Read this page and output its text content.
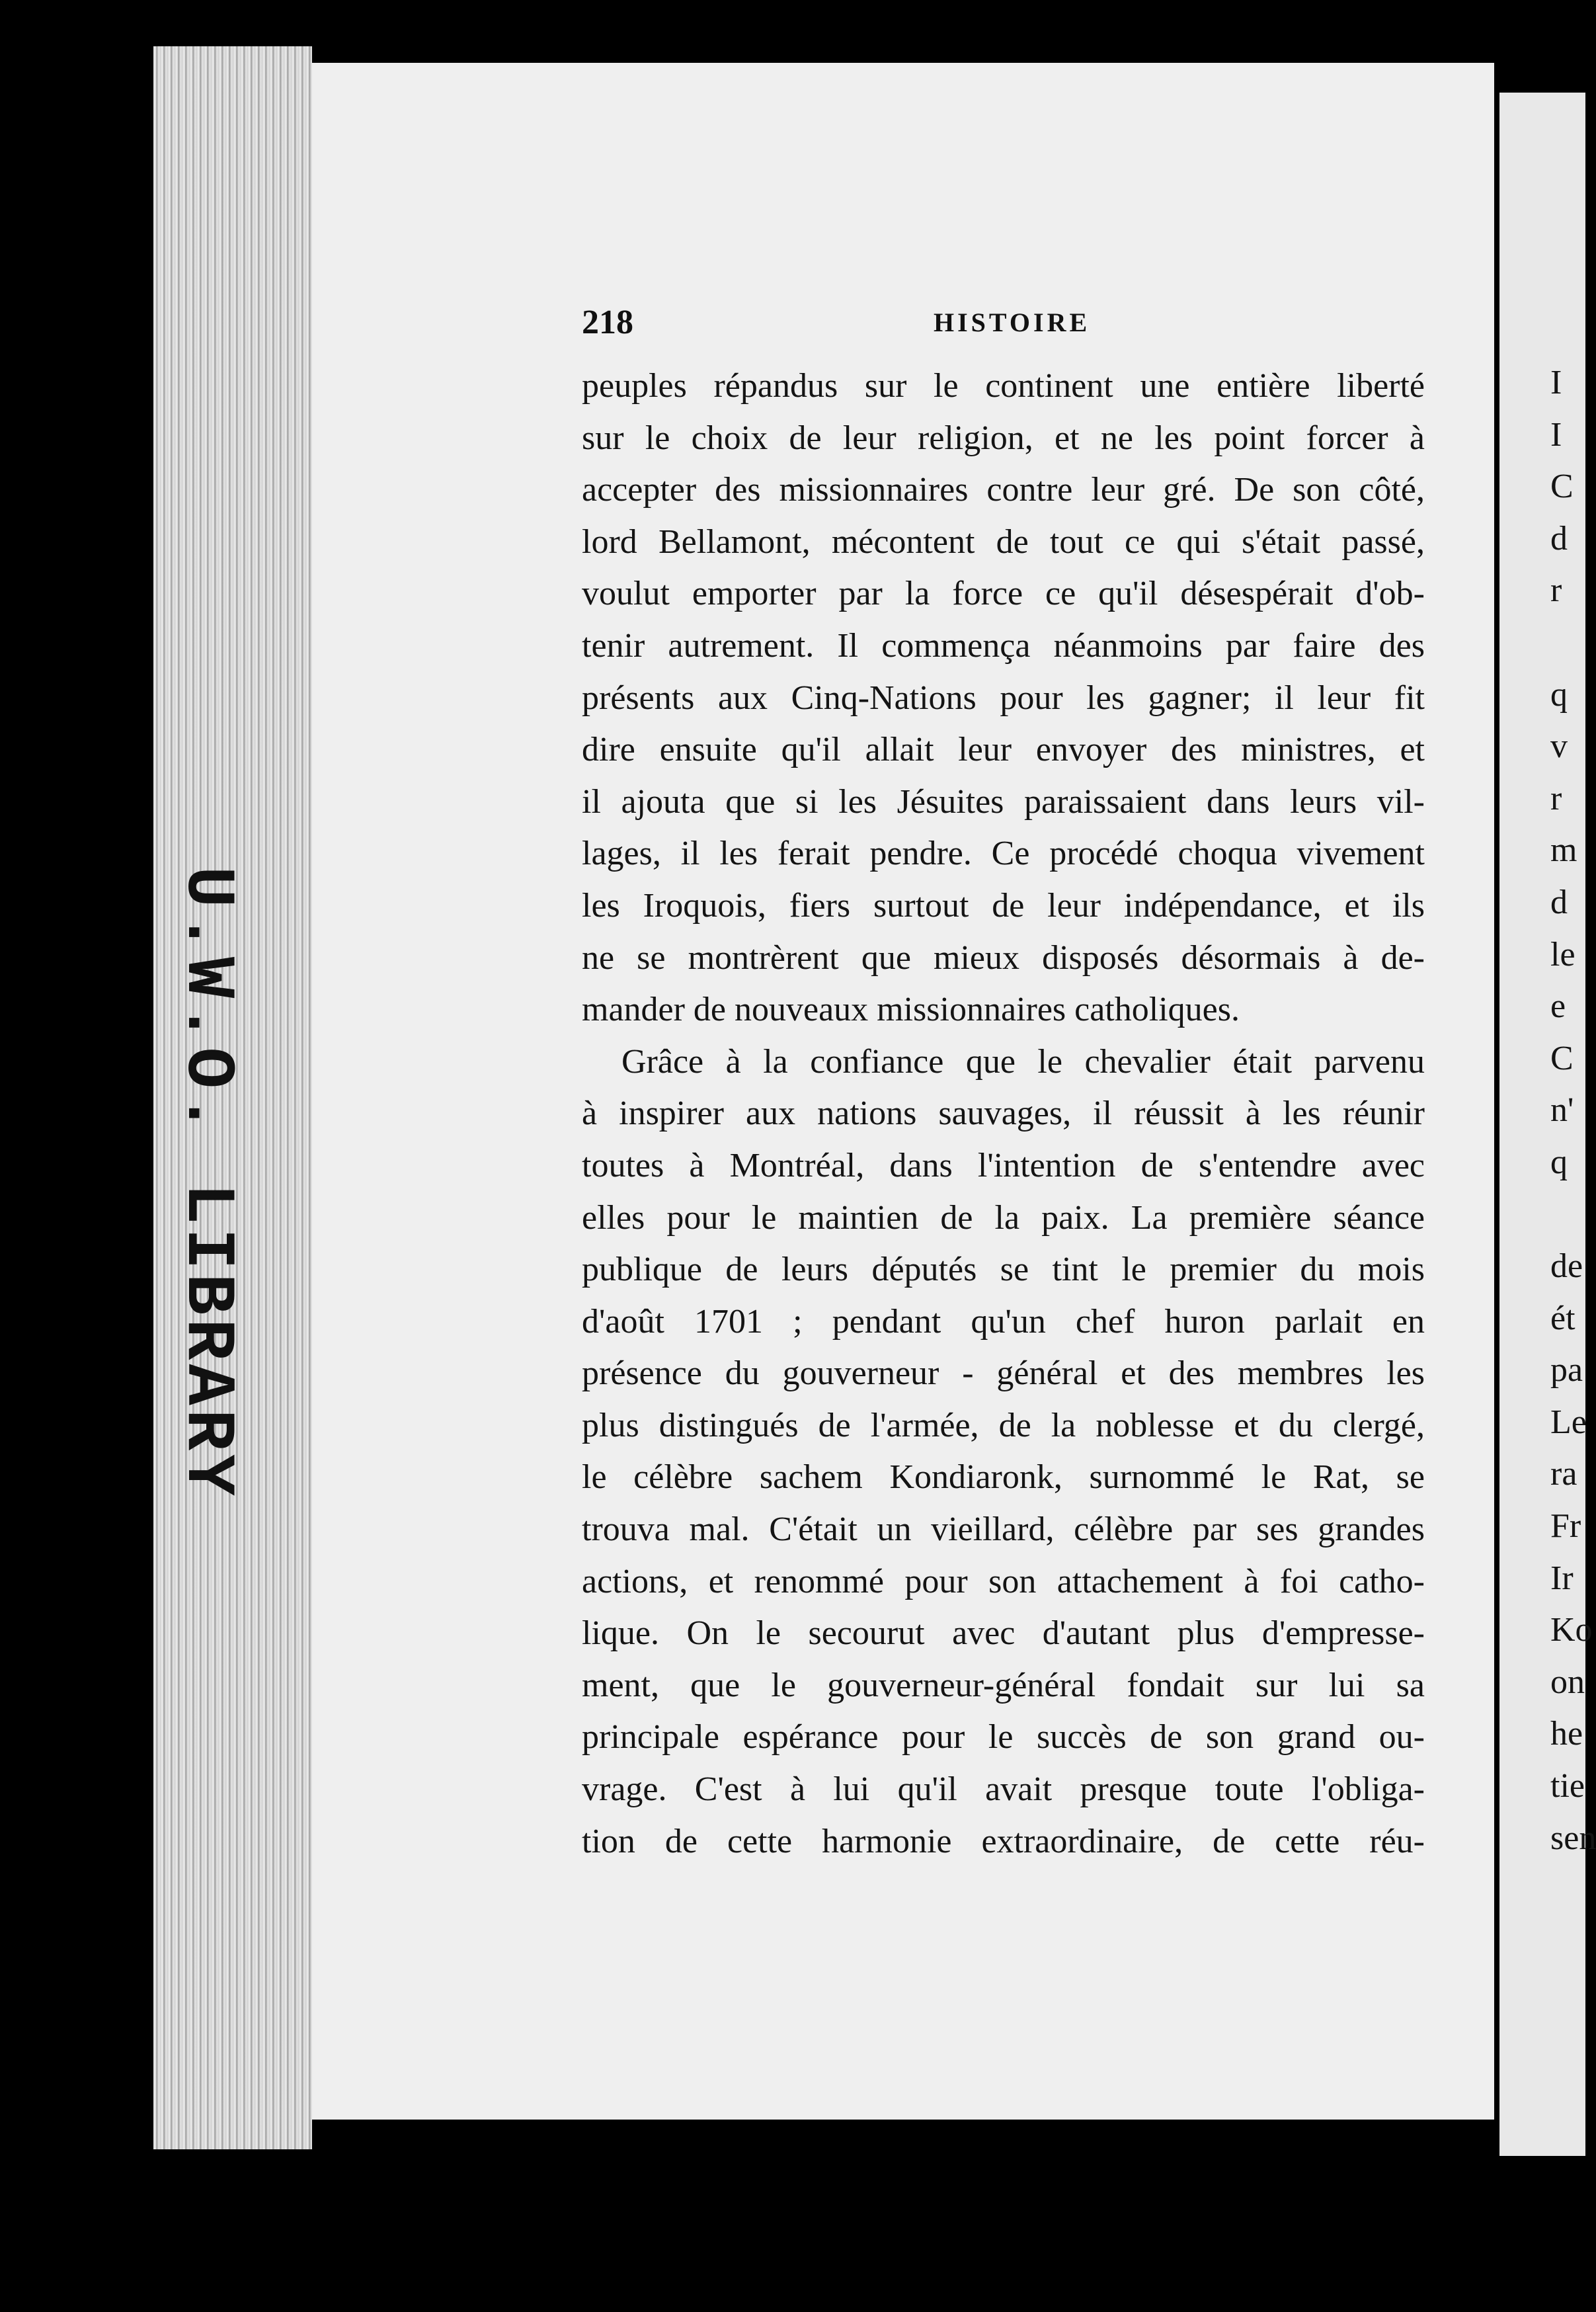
U.W.O. LIBRARY
218	HISTOIRE
peuples répandus sur le continent une entière liberté
sur le choix de leur religion, et ne les point forcer à
accepter des missionnaires contre leur gré. De son côté,
lord Bellamont, mécontent de tout ce qui s'était passé,
voulut emporter par la force ce qu'il désespérait d'ob-
tenir autrement. Il commença néanmoins par faire des
présents aux Cinq-Nations pour les gagner; il leur fit
dire ensuite qu'il allait leur envoyer des ministres, et
il ajouta que si les Jésuites paraissaient dans leurs vil-
lages, il les ferait pendre. Ce procédé choqua vivement
les Iroquois, fiers surtout de leur indépendance, et ils
ne se montrèrent que mieux disposés désormais à de-
mander de nouveaux missionnaires catholiques.
Grâce à la confiance que le chevalier était parvenu
à inspirer aux nations sauvages, il réussit à les réunir
toutes à Montréal, dans l'intention de s'entendre avec
elles pour le maintien de la paix. La première séance
publique de leurs députés se tint le premier du mois
d'août 1701 ; pendant qu'un chef huron parlait en
présence du gouverneur - général et des membres les
plus distingués de l'armée, de la noblesse et du clergé,
le célèbre sachem Kondiaronk, surnommé le Rat, se
trouva mal. C'était un vieillard, célèbre par ses grandes
actions, et renommé pour son attachement à foi catho-
lique. On le secourut avec d'autant plus d'empresse-
ment, que le gouverneur-général fondait sur lui sa
principale espérance pour le succès de son grand ou-
vrage. C'est à lui qu'il avait presque toute l'obliga-
tion de cette harmonie extraordinaire, de cette réu-
I
I
C
d
r
q
v
r
m
d
le
e
C
n'
q
de
ét
pa
Le
ra
Fr
Ir
Ko
on
he
tie
sen
